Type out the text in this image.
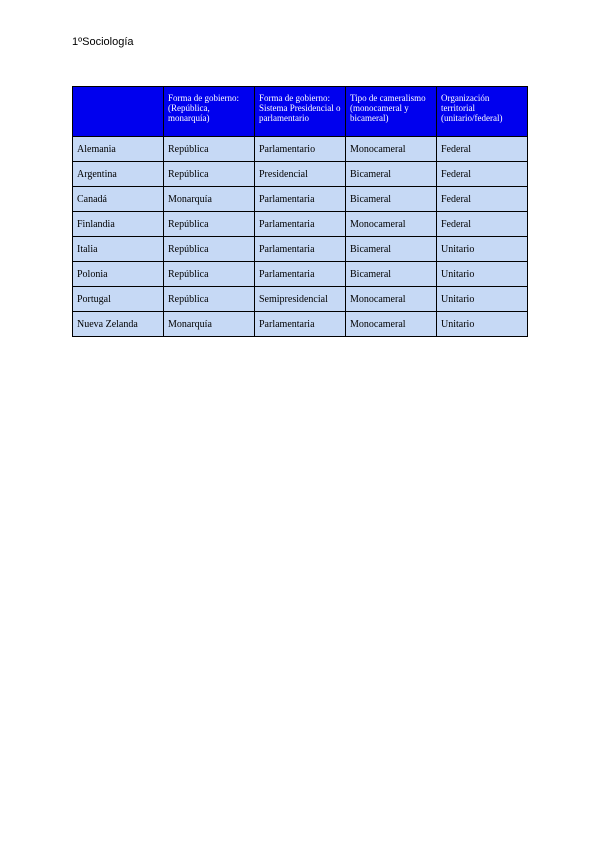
1ºSociología
	Forma de gobierno: (República, monarquía)	Forma de gobierno: Sistema Presidencial o parlamentario	Tipo de cameralismo (monocameral y bicameral)	Organización territorial (unitario/federal)
Alemania	República	Parlamentario	Monocameral	Federal
Argentina	República	Presidencial	Bicameral	Federal
Canadá	Monarquía	Parlamentaria	Bicameral	Federal
Finlandia	República	Parlamentaria	Monocameral	Federal
Italia	República	Parlamentaria	Bicameral	Unitario
Polonia	República	Parlamentaria	Bicameral	Unitario
Portugal	República	Semipresidencial	Monocameral	Unitario
Nueva Zelanda	Monarquía	Parlamentaria	Monocameral	Unitario
